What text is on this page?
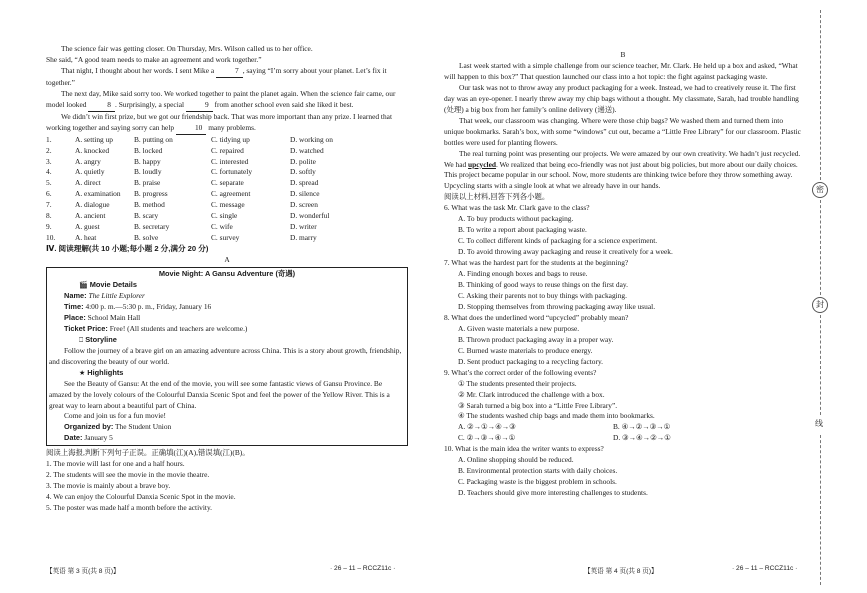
The science fair was getting closer. On Thursday, Mrs. Wilson called us to her office.

She said, “A good team needs to make an agreement and work together.”

That night, I thought about her words. I sent Mike a	7 , saying “I’m sorry about your planet. Let’s fix it together.”

The next day, Mike said sorry too. We worked together to paint the planet again. When the science fair came, our model looked	8 . Surprisingly, a special	9 from another school even said she liked it best.

We didn’t win first prize, but we got our friendship back. That was more important than any prize. I learned that working together and saying sorry can help	10 many problems.

1.	A. setting up	B. putting on	C. tidying up	D. working on
2.	A. knocked	B. locked	C. repaired	D. watched
3.	A. angry	B. happy	C. interested	D. polite
4.	A. quietly	B. loudly	C. fortunately	D. softly
5.	A. direct	B. praise	C. separate	D. spread
6.	A. examination	B. progress	C. agreement	D. silence
7.	A. dialogue	B. method	C. message	D. screen
8.	A. ancient	B. scary	C. single	D. wonderful
9.	A. guest	B. secretary	C. wife	D. writer
10.	A. heat	B. solve	C. survey	D. marry

Ⅳ. 阅读理解(共 10 小题;每小题 2 分,满分 20 分)

A

Movie Night: A Gansu Adventure (奇遇)

🎬 Movie Details

Name: The Little Explorer

Time: 4:00 p. m.—5:30 p. m., Friday, January 16

Place: School Main Hall

Ticket Price: Free! (All students and teachers are welcome.)

⎕ Storyline

Follow the journey of a brave girl on an amazing adventure across China. This is a story about growth, friendship, and discovering the beauty of our world.

★ Highlights

See the Beauty of Gansu: At the end of the movie, you will see some fantastic views of Gansu Province. Be amazed by the lovely colours of the Colourful Danxia Scenic Spot and feel the power of the Yellow River. This is a great way to learn about a beautiful part of China.

Come and join us for a fun movie!

Organized by: The Student Union

Date: January 5

阅读上海报,判断下列句子正误。正确填(江)(A),错误填(江)(B)。

1. The movie will last for one and a half hours.

2. The students will see the movie in the movie theatre.

3. The movie is mainly about a brave boy.

4. We can enjoy the Colourful Danxia Scenic Spot in the movie.

5. The poster was made half a month before the activity.

【英语 第 3 页(共 8 页)】	· 26 – 11 – RCCZ11c ·

B

Last week started with a simple challenge from our science teacher, Mr. Clark. He held up a box and asked, “What will happen to this box?” That question launched our class into a hot topic: the fight against packaging waste.

Our task was not to throw away any product packaging for a week. Instead, we had to creatively reuse it. The first day was an eye-opener. I nearly threw away my chip bags without a thought. My classmate, Sarah, had trouble handling (处理) a big box from her family’s online delivery (递送).

That week, our classroom was changing. Where were those chip bags? We washed them and turned them into unique bookmarks. Sarah’s box, with some “windows” cut out, became a “Little Free Library” for our classroom. Plastic bottles were used for planting flowers.

The real turning point was presenting our projects. We were amazed by our own creativity. We hadn’t just recycled. We had upcycled. We realized that being eco-friendly was not just about big policies, but more about our daily choices. This project became popular in our school. Now, more students are thinking twice before they throw something away. Upcycling starts with a single look at what we already have in our hands.

阅读以上材料,回答下列各小题。

6. What was the task Mr. Clark gave to the class?

A. To buy products without packaging.

B. To write a report about packaging waste.

C. To collect different kinds of packaging for a science experiment.

D. To avoid throwing away packaging and reuse it creatively for a week.

7. What was the hardest part for the students at the beginning?

A. Finding enough boxes and bags to reuse.

B. Thinking of good ways to reuse things on the first day.

C. Asking their parents not to buy things with packaging.

D. Stopping themselves from throwing packaging away like usual.

8. What does the underlined word “upcycled” probably mean?

A. Given waste materials a new purpose.

B. Thrown product packaging away in a proper way.

C. Burned waste materials to produce energy.

D. Sent product packaging to a recycling factory.

9. What’s the correct order of the following events?

① The students presented their projects.

② Mr. Clark introduced the challenge with a box.

③ Sarah turned a big box into a “Little Free Library”.

④ The students washed chip bags and made them into bookmarks.

A. ②→①→④→③	B. ④→②→③→①
C. ②→③→④→①	D. ③→④→②→①

10. What is the main idea the writer wants to express?

A. Online shopping should be reduced.

B. Environmental protection starts with daily choices.

C. Packaging waste is the biggest problem in schools.

D. Teachers should give more interesting challenges to students.

【英语 第 4 页(共 8 页)】	· 26 – 11 – RCCZ11c ·
密
封
线
